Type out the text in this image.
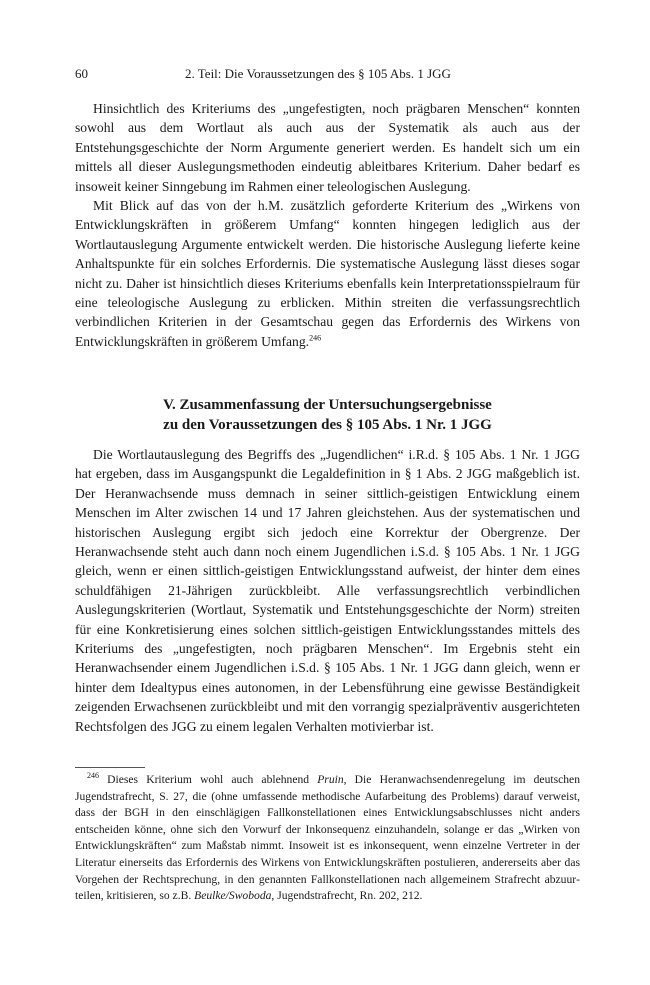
60	2. Teil: Die Voraussetzungen des § 105 Abs. 1 JGG

Hinsichtlich des Kriteriums des „ungefestigten, noch prägbaren Menschen“ konnten sowohl aus dem Wortlaut als auch aus der Systematik als auch aus der Entstehungsgeschichte der Norm Argumente generiert werden. Es handelt sich um ein mittels all dieser Auslegungsmethoden eindeutig ableitbares Kriterium. Daher bedarf es insoweit keiner Sinngebung im Rahmen einer teleologischen Auslegung.

Mit Blick auf das von der h.M. zusätzlich geforderte Kriterium des „Wirkens von Entwicklungskräften in größerem Umfang“ konnten hingegen lediglich aus der Wortlautauslegung Argumente entwickelt werden. Die historische Auslegung lieferte keine Anhaltspunkte für ein solches Erfordernis. Die systematische Auslegung lässt dieses sogar nicht zu. Daher ist hinsichtlich dieses Kriteriums ebenfalls kein Interpretationsspielraum für eine teleologische Auslegung zu erblicken. Mithin streiten die verfassungsrechtlich verbindlichen Kriterien in der Gesamtschau gegen das Erfordernis des Wirkens von Entwicklungskräften in größerem Umfang.$^{246}$

V. Zusammenfassung der Untersuchungsergebnisse
zu den Voraussetzungen des § 105 Abs. 1 Nr. 1 JGG

Die Wortlautauslegung des Begriffs des „Jugendlichen“ i.R.d. § 105 Abs. 1 Nr. 1 JGG hat ergeben, dass im Ausgangspunkt die Legaldefinition in § 1 Abs. 2 JGG maßgeblich ist. Der Heranwachsende muss demnach in seiner sittlich-geistigen Entwicklung einem Menschen im Alter zwischen 14 und 17 Jahren gleichstehen. Aus der systematischen und historischen Auslegung ergibt sich jedoch eine Korrektur der Obergrenze. Der Heranwachsende steht auch dann noch einem Jugendlichen i.S.d. § 105 Abs. 1 Nr. 1 JGG gleich, wenn er einen sittlich-geistigen Entwicklungsstand aufweist, der hinter dem eines schuldfähigen 21-Jährigen zurückbleibt. Alle verfassungsrechtlich verbindlichen Auslegungskriterien (Wortlaut, Systematik und Entstehungsgeschichte der Norm) streiten für eine Konkretisierung eines solchen sittlich-geistigen Entwicklungsstandes mittels des Kriteriums des „ungefestigten, noch prägbaren Menschen“. Im Ergebnis steht ein Heranwachsender einem Jugendlichen i.S.d. § 105 Abs. 1 Nr. 1 JGG dann gleich, wenn er hinter dem Idealtypus eines autonomen, in der Lebensführung eine gewisse Beständigkeit zeigenden Erwachsenen zurückbleibt und mit den vorrangig spezialpräventiv ausgerichteten Rechtsfolgen des JGG zu einem legalen Verhalten motivierbar ist.

$^{246}$ Dieses Kriterium wohl auch ablehnend Pruin, Die Heranwachsendenregelung im deutschen Jugendstrafrecht, S. 27, die (ohne umfassende methodische Aufarbeitung des Problems) darauf verweist, dass der BGH in den einschlägigen Fallkonstellationen eines Entwicklungsabschlusses nicht anders entscheiden könne, ohne sich den Vorwurf der Inkonsequenz einzuhandeln, solange er das „Wirken von Entwicklungskräften“ zum Maßstab nimmt. Insoweit ist es inkonsequent, wenn einzelne Vertreter in der Literatur einerseits das Erfordernis des Wirkens von Entwicklungskräften postulieren, andererseits aber das Vorgehen der Rechtsprechung, in den genannten Fallkonstellationen nach allgemeinem Strafrecht abzuurteilen, kritisieren, so z.B. Beulke/Swoboda, Jugendstrafrecht, Rn. 202, 212.
